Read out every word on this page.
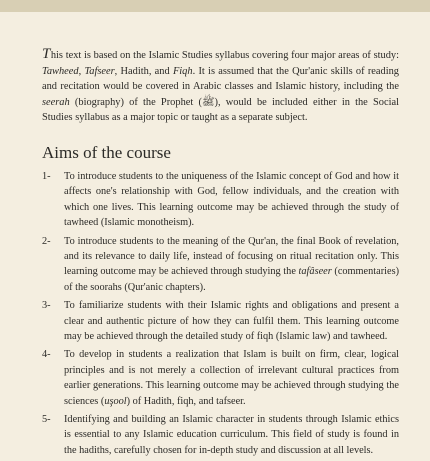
This text is based on the Islamic Studies syllabus covering four major areas of study: Tawheed, Tafseer, Hadith, and Fiqh. It is assumed that the Qur'anic skills of reading and recitation would be covered in Arabic classes and Islamic history, including the seerah (biography) of the Prophet (ﷺ), would be included either in the Social Studies syllabus as a major topic or taught as a separate subject.

Aims of the course
1- To introduce students to the uniqueness of the Islamic concept of God and how it affects one's relationship with God, fellow individuals, and the creation with which one lives. This learning outcome may be achieved through the study of tawheed (Islamic monotheism).
2- To introduce students to the meaning of the Qur'an, the final Book of revelation, and its relevance to daily life, instead of focusing on ritual recitation only. This learning outcome may be achieved through studying the tafâseer (commentaries) of the soorahs (Qur'anic chapters).
3- To familiarize students with their Islamic rights and obligations and present a clear and authentic picture of how they can fulfil them. This learning outcome may be achieved through the detailed study of fiqh (Islamic law) and tawheed.
4- To develop in students a realization that Islam is built on firm, clear, logical principles and is not merely a collection of irrelevant cultural practices from earlier generations. This learning outcome may be achieved through studying the sciences (uşool) of Hadith, fiqh, and tafseer.
5- Identifying and building an Islamic character in students through Islamic ethics is essential to any Islamic education curriculum. This field of study is found in the hadiths, carefully chosen for in-depth study and discussion at all levels.
